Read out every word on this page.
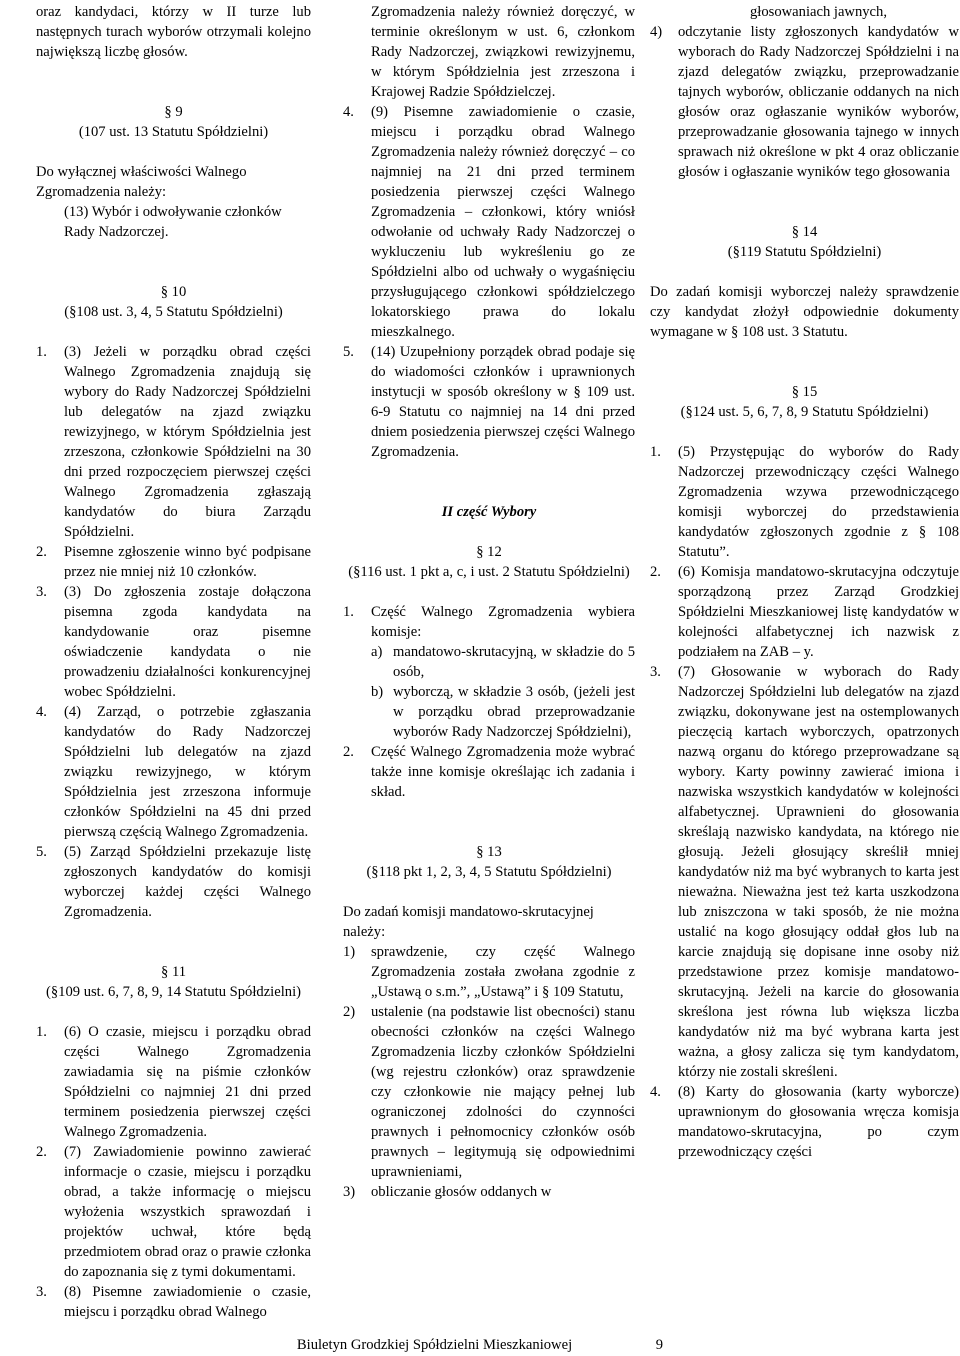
oraz kandydaci, którzy w II turze lub następnych turach wyborów otrzymali kolejno największą liczbę głosów.

§ 9

(107 ust. 13 Statutu Spółdzielni)

Do wyłącznej właściwości Walnego Zgromadzenia należy:

(13) Wybór i odwoływanie członków Rady Nadzorczej.

§ 10

(§108 ust. 3, 4, 5 Statutu Spółdzielni)

1.	(3) Jeżeli w porządku obrad części Walnego Zgromadzenia znajdują się wybory do Rady Nadzorczej Spółdzielni lub delegatów na zjazd związku rewizyjnego, w którym Spółdzielnia jest zrzeszona, członkowie Spółdzielni na 30 dni przed rozpoczęciem pierwszej części Walnego Zgromadzenia zgłaszają kandydatów do biura Zarządu Spółdzielni.
2.	Pisemne zgłoszenie winno być podpisane przez nie mniej niż 10 członków.
3.	(3) Do zgłoszenia zostaje dołączona pisemna zgoda kandydata na kandydowanie oraz pisemne oświadczenie kandydata o nie prowadzeniu działalności konkurencyjnej wobec Spółdzielni.
4.	(4) Zarząd, o potrzebie zgłaszania kandydatów do Rady Nadzorczej Spółdzielni lub delegatów na zjazd związku rewizyjnego, w którym Spółdzielnia jest zrzeszona informuje członków Spółdzielni na 45 dni przed pierwszą częścią Walnego Zgromadzenia.
5.	(5) Zarząd Spółdzielni przekazuje listę zgłoszonych kandydatów do komisji wyborczej każdej części Walnego Zgromadzenia.

§ 11

(§109 ust. 6, 7, 8, 9, 14 Statutu Spółdzielni)

1.	(6) O czasie, miejscu i porządku obrad części Walnego Zgromadzenia zawiadamia się na piśmie członków Spółdzielni co najmniej 21 dni przed terminem posiedzenia pierwszej części Walnego Zgromadzenia.
2.	(7) Zawiadomienie powinno zawierać informacje o czasie, miejscu i porządku obrad, a także informację o miejscu wyłożenia wszystkich sprawozdań i projektów uchwał, które będą przedmiotem obrad oraz o prawie członka do zapoznania się z tymi dokumentami.
3.	(8) Pisemne zawiadomienie o czasie, miejscu i porządku obrad Walnego

Zgromadzenia należy również doręczyć, w terminie określonym w ust. 6, członkom Rady Nadzorczej, związkowi rewizyjnemu, w którym Spółdzielnia jest zrzeszona i Krajowej Radzie Spółdzielczej.

4.	(9) Pisemne zawiadomienie o czasie, miejscu i porządku obrad Walnego Zgromadzenia należy również doręczyć – co najmniej na 21 dni przed terminem posiedzenia pierwszej części Walnego Zgromadzenia – członkowi, który wniósł odwołanie od uchwały Rady Nadzorczej o wykluczeniu lub wykreśleniu go ze Spółdzielni albo od uchwały o wygaśnięciu przysługującego członkowi spółdzielczego lokatorskiego prawa do lokalu mieszkalnego.
5.	(14) Uzupełniony porządek obrad podaje się do wiadomości członków i uprawnionych instytucji w sposób określony w § 109 ust. 6-9 Statutu co najmniej na 14 dni przed dniem posiedzenia pierwszej części Walnego Zgromadzenia.

II część Wybory

§ 12

(§116 ust. 1 pkt a, c, i ust. 2 Statutu Spółdzielni)

1.	Część Walnego Zgromadzenia wybiera komisje:
a) mandatowo-skrutacyjną, w składzie do 5 osób,
b) wyborczą, w składzie 3 osób, (jeżeli jest w porządku obrad przeprowadzanie wyborów Rady Nadzorczej Spółdzielni),
2.	Część Walnego Zgromadzenia może wybrać także inne komisje określając ich zadania i skład.

§ 13

(§118 pkt 1, 2, 3, 4, 5 Statutu Spółdzielni)

Do zadań komisji mandatowo-skrutacyjnej należy:

1)	sprawdzenie, czy część Walnego Zgromadzenia została zwołana zgodnie z „Ustawą o s.m.”, „Ustawą” i § 109 Statutu,
2)	ustalenie (na podstawie list obecności) stanu obecności członków na części Walnego Zgromadzenia liczby członków Spółdzielni (wg rejestru członków) oraz sprawdzenie czy członkowie nie mający pełnej lub ograniczonej zdolności do czynności prawnych i pełnomocnicy członków osób prawnych – legitymują się odpowiednimi uprawnieniami,
3)	obliczanie głosów oddanych w

głosowaniach jawnych,

4)	odczytanie listy zgłoszonych kandydatów w wyborach do Rady Nadzorczej Spółdzielni i na zjazd delegatów związku, przeprowadzanie tajnych wyborów, obliczanie oddanych na nich głosów oraz ogłaszanie wyników wyborów, przeprowadzanie głosowania tajnego w innych sprawach niż określone w pkt 4 oraz obliczanie głosów i ogłaszanie wyników tego głosowania

§ 14

(§119 Statutu Spółdzielni)

Do zadań komisji wyborczej należy sprawdzenie czy kandydat złożył odpowiednie dokumenty wymagane w § 108 ust. 3 Statutu.

§ 15

(§124 ust. 5, 6, 7, 8, 9 Statutu Spółdzielni)

1.	(5) Przystępując do wyborów do Rady Nadzorczej przewodniczący części Walnego Zgromadzenia wzywa przewodniczącego komisji wyborczej do przedstawienia kandydatów zgłoszonych zgodnie z § 108 Statutu”.
2.	(6) Komisja mandatowo-skrutacyjna odczytuje sporządzoną przez Zarząd Grodzkiej Spółdzielni Mieszkaniowej listę kandydatów w kolejności alfabetycznej ich nazwisk z podziałem na ZAB – y.
3.	(7) Głosowanie w wyborach do Rady Nadzorczej Spółdzielni lub delegatów na zjazd związku, dokonywane jest na ostemplowanych pieczęcią kartach wyborczych, opatrzonych nazwą organu do którego przeprowadzane są wybory. Karty powinny zawierać imiona i nazwiska wszystkich kandydatów w kolejności alfabetycznej. Uprawnieni do głosowania skreślają nazwisko kandydata, na którego nie głosują. Jeżeli głosujący skreślił mniej kandydatów niż ma być wybranych to karta jest nieważna. Nieważna jest też karta uszkodzona lub zniszczona w taki sposób, że nie można ustalić na kogo głosujący oddał głos lub na karcie znajdują się dopisane inne osoby niż przedstawione przez komisje mandatowo-skrutacyjną. Jeżeli na karcie do głosowania skreślona jest równa lub większa liczba kandydatów niż ma być wybrana karta jest ważna, a głosy zalicza się tym kandydatom, którzy nie zostali skreśleni.
4.	(8) Karty do głosowania (karty wyborcze) uprawnionym do głosowania wręcza komisja mandatowo-skrutacyjna, po czym przewodniczący części
Biuletyn Grodzkiej Spółdzielni Mieszkaniowej	9
